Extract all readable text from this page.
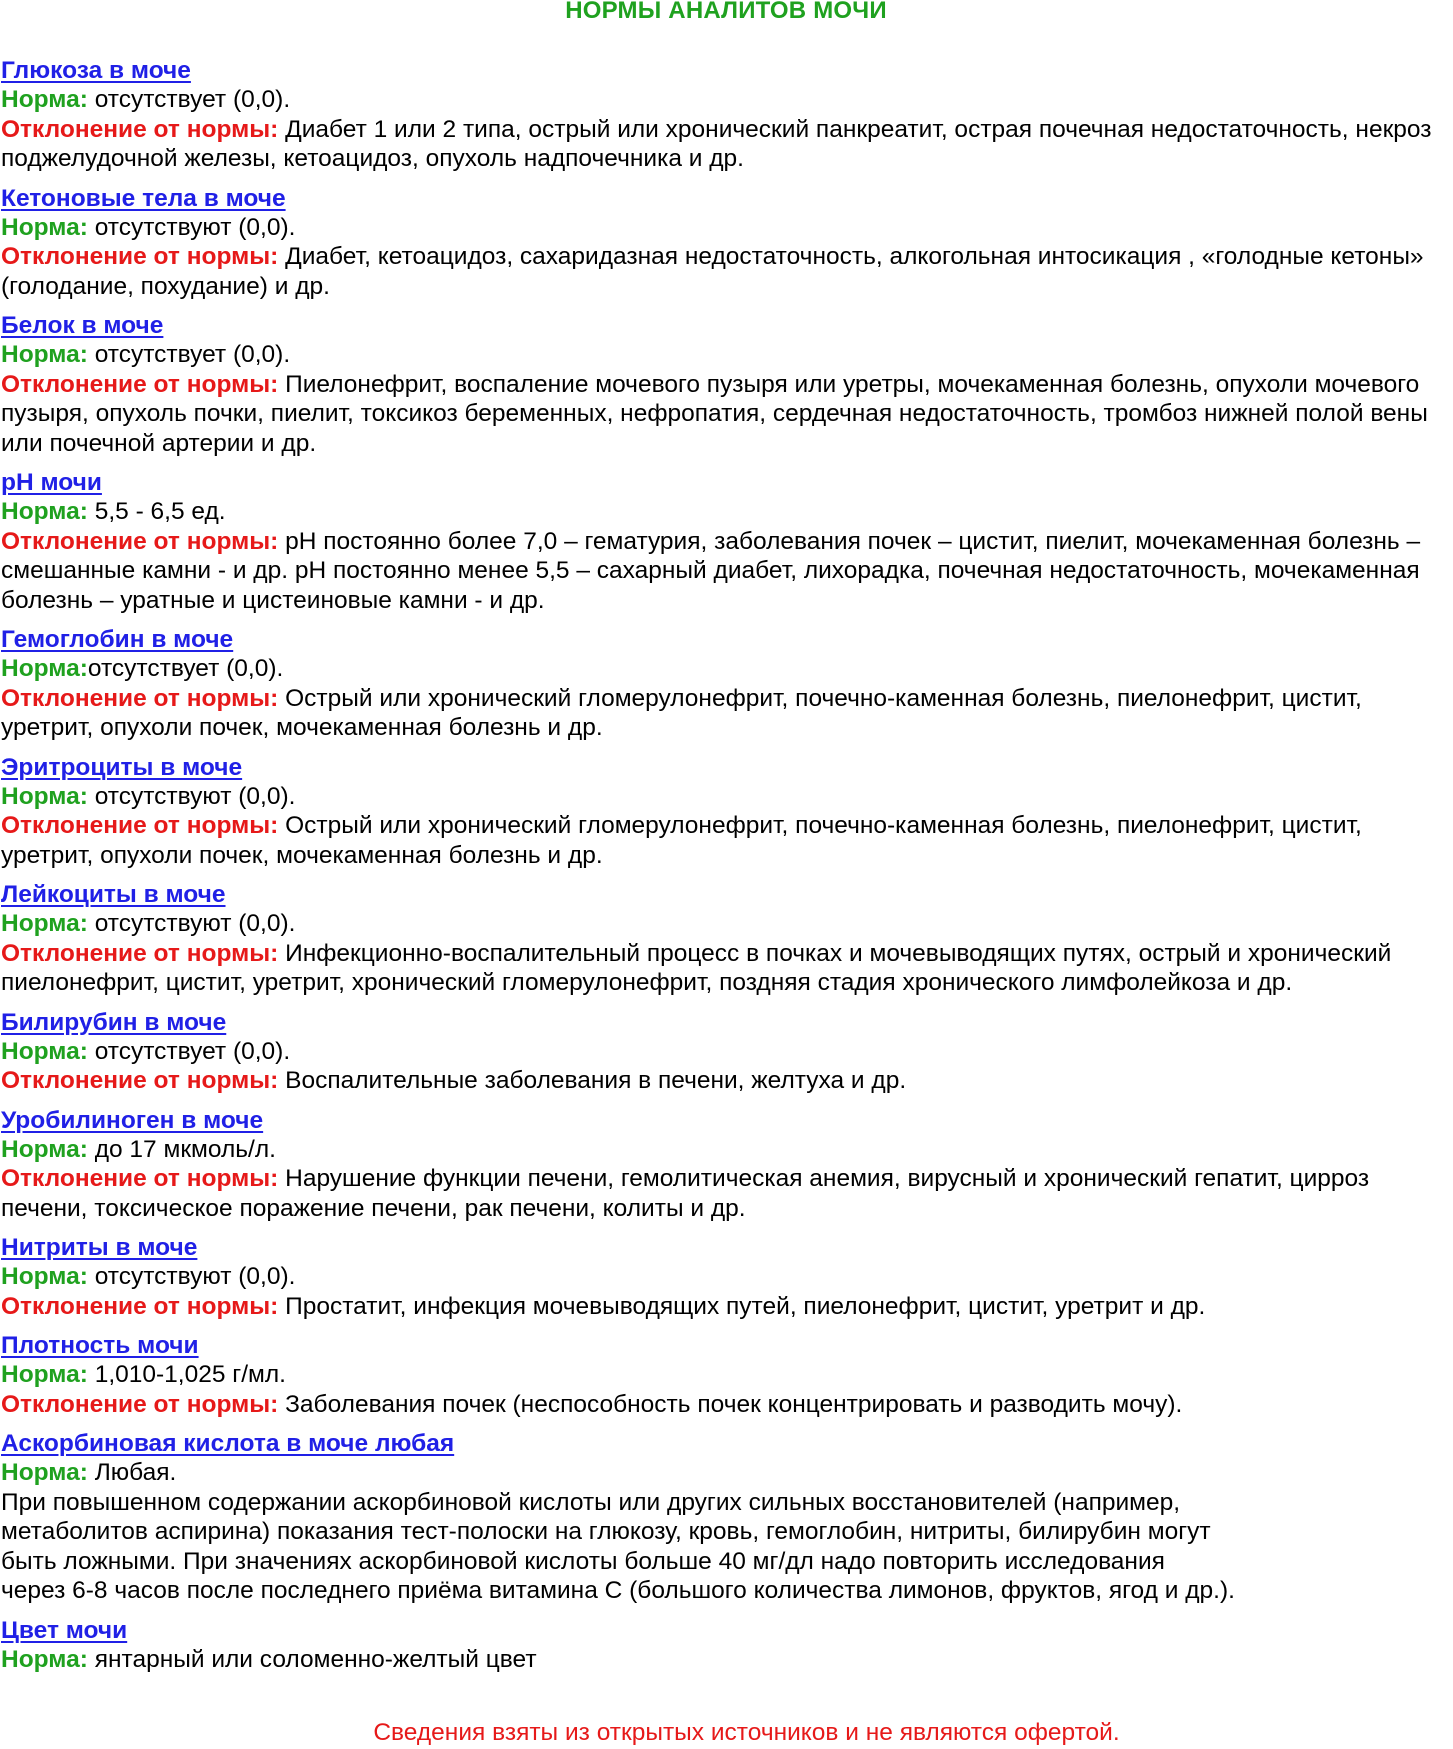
НОРМЫ АНАЛИТОВ МОЧИ
Глюкоза в моче
Норма: отсутствует (0,0).
Отклонение от нормы: Диабет 1 или 2 типа, острый или хронический панкреатит, острая почечная недостаточность, некроз поджелудочной железы, кетоацидоз, опухоль надпочечника и др.
Кетоновые тела в моче
Норма: отсутствуют (0,0).
Отклонение от нормы: Диабет, кетоацидоз, сахаридазная недостаточность, алкогольная интосикация , «голодные кетоны» (голодание, похудание) и др.
Белок в моче
Норма: отсутствует (0,0).
Отклонение от нормы: Пиелонефрит, воспаление мочевого пузыря или уретры, мочекаменная болезнь, опухоли мочевого пузыря, опухоль почки, пиелит, токсикоз беременных, нефропатия, сердечная недостаточность, тромбоз нижней полой вены или почечной артерии и др.
pH мочи
Норма: 5,5 - 6,5 ед.
Отклонение от нормы: pH постоянно более 7,0 – гематурия, заболевания почек – цистит, пиелит, мочекаменная болезнь – смешанные камни - и др. pH постоянно менее 5,5 – сахарный диабет, лихорадка, почечная недостаточность, мочекаменная болезнь – уратные и цистеиновые камни - и др.
Гемоглобин в моче
Норма:отсутствует (0,0).
Отклонение от нормы: Острый или хронический гломерулонефрит, почечно-каменная болезнь, пиелонефрит, цистит, уретрит, опухоли почек, мочекаменная болезнь и др.
Эритроциты в моче
Норма: отсутствуют (0,0).
Отклонение от нормы: Острый или хронический гломерулонефрит, почечно-каменная болезнь, пиелонефрит, цистит, уретрит, опухоли почек, мочекаменная болезнь и др.
Лейкоциты в моче
Норма: отсутствуют (0,0).
Отклонение от нормы: Инфекционно-воспалительный процесс в почках и мочевыводящих путях, острый и хронический пиелонефрит, цистит, уретрит, хронический гломерулонефрит, поздняя стадия хронического лимфолейкоза и др.
Билирубин в моче
Норма: отсутствует (0,0).
Отклонение от нормы: Воспалительные заболевания в печени, желтуха и др.
Уробилиноген в моче
Норма: до 17 мкмоль/л.
Отклонение от нормы: Нарушение функции печени, гемолитическая анемия, вирусный и хронический гепатит, цирроз печени, токсическое поражение печени, рак печени, колиты и др.
Нитриты в моче
Норма: отсутствуют (0,0).
Отклонение от нормы: Простатит, инфекция мочевыводящих путей, пиелонефрит, цистит, уретрит и др.
Плотность мочи
Норма: 1,010-1,025 г/мл.
Отклонение от нормы: Заболевания почек (неспособность почек концентрировать и разводить мочу).
Аскорбиновая кислота в моче любая
Норма: Любая.
При повышенном содержании аскорбиновой кислоты или других сильных восстановителей (например,
метаболитов аспирина) показания тест-полоски на глюкозу, кровь, гемоглобин, нитриты, билирубин могут
быть ложными. При значениях аскорбиновой кислоты больше 40 мг/дл надо повторить исследования
через 6-8 часов после последнего приёма витамина С (большого количества лимонов, фруктов, ягод и др.).
Цвет мочи
Норма: янтарный или соломенно-желтый цвет
Сведения взяты из открытых источников и не являются офертой.
